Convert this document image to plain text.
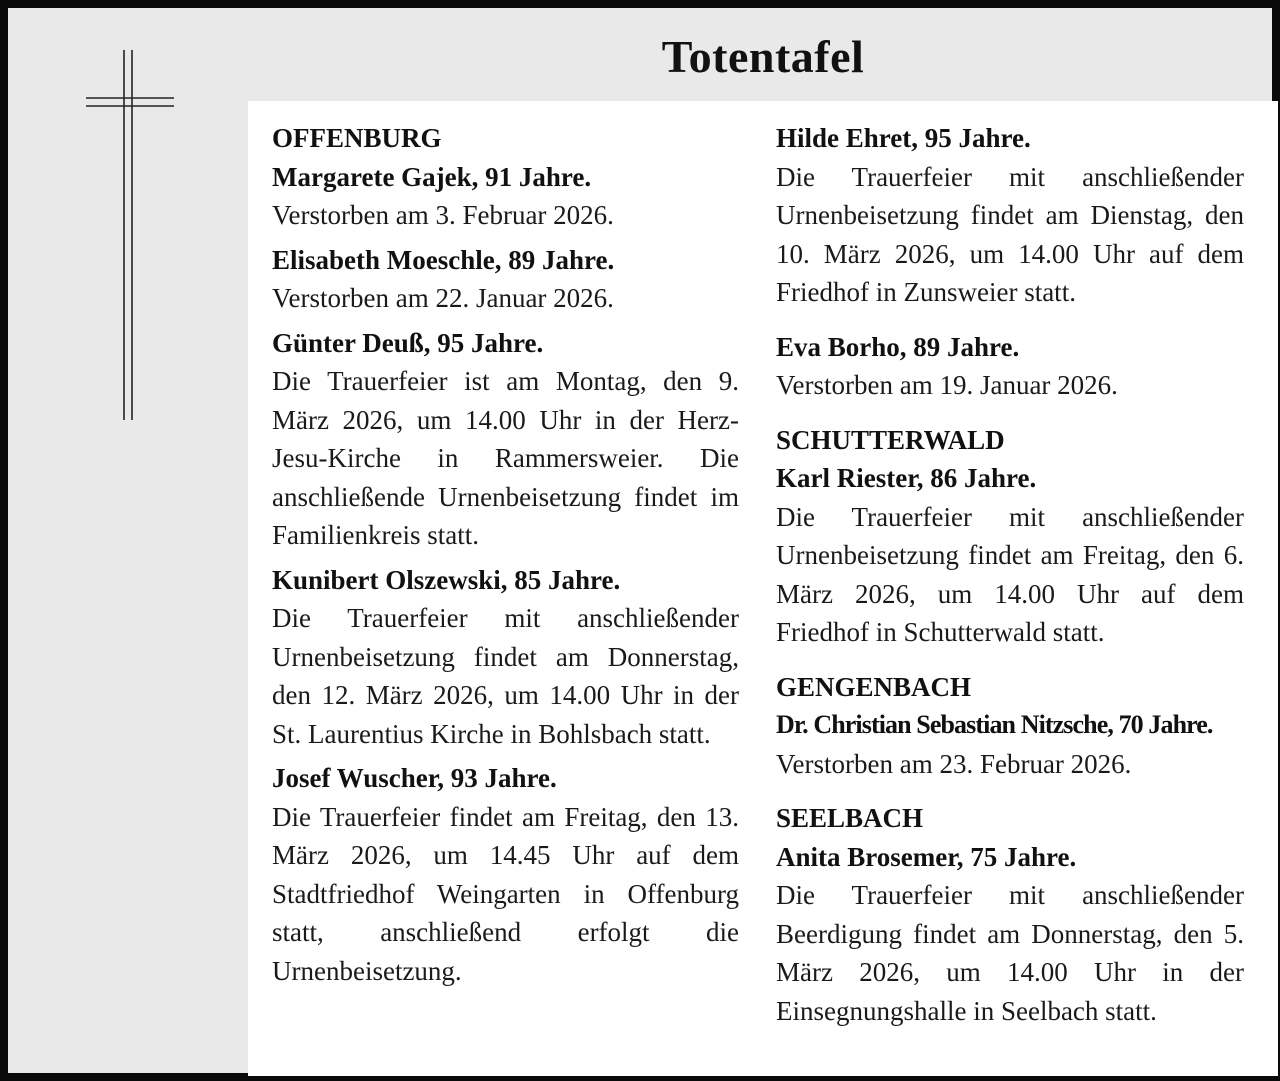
Totentafel
OFFENBURG
Margarete Gajek, 91 Jahre.
Verstorben am 3. Februar 2026.
Elisabeth Moeschle, 89 Jahre.
Verstorben am 22. Januar 2026.
Günter Deuß, 95 Jahre.
Die Trauerfeier ist am Montag, den 9. März 2026, um 14.00 Uhr in der Herz-Jesu-Kirche in Rammersweier. Die anschließende Urnenbeisetzung findet im Familienkreis statt.
Kunibert Olszewski, 85 Jahre.
Die Trauerfeier mit anschließender Urnenbeisetzung findet am Donnerstag, den 12. März 2026, um 14.00 Uhr in der St. Laurentius Kirche in Bohlsbach statt.
Josef Wuscher, 93 Jahre.
Die Trauerfeier findet am Freitag, den 13. März 2026, um 14.45 Uhr auf dem Stadtfriedhof Weingarten in Offenburg statt, anschließend erfolgt die Urnenbeisetzung.
Hilde Ehret, 95 Jahre.
Die Trauerfeier mit anschließender Urnenbeisetzung findet am Dienstag, den 10. März 2026, um 14.00 Uhr auf dem Friedhof in Zunsweier statt.
Eva Borho, 89 Jahre.
Verstorben am 19. Januar 2026.
SCHUTTERWALD
Karl Riester, 86 Jahre.
Die Trauerfeier mit anschließender Urnenbeisetzung findet am Freitag, den 6. März 2026, um 14.00 Uhr auf dem Friedhof in Schutterwald statt.
GENGENBACH
Dr. Christian Sebastian Nitzsche, 70 Jahre.
Verstorben am 23. Februar 2026.
SEELBACH
Anita Brosemer, 75 Jahre.
Die Trauerfeier mit anschließender Beerdigung findet am Donnerstag, den 5. März 2026, um 14.00 Uhr in der Einsegnungshalle in Seelbach statt.
